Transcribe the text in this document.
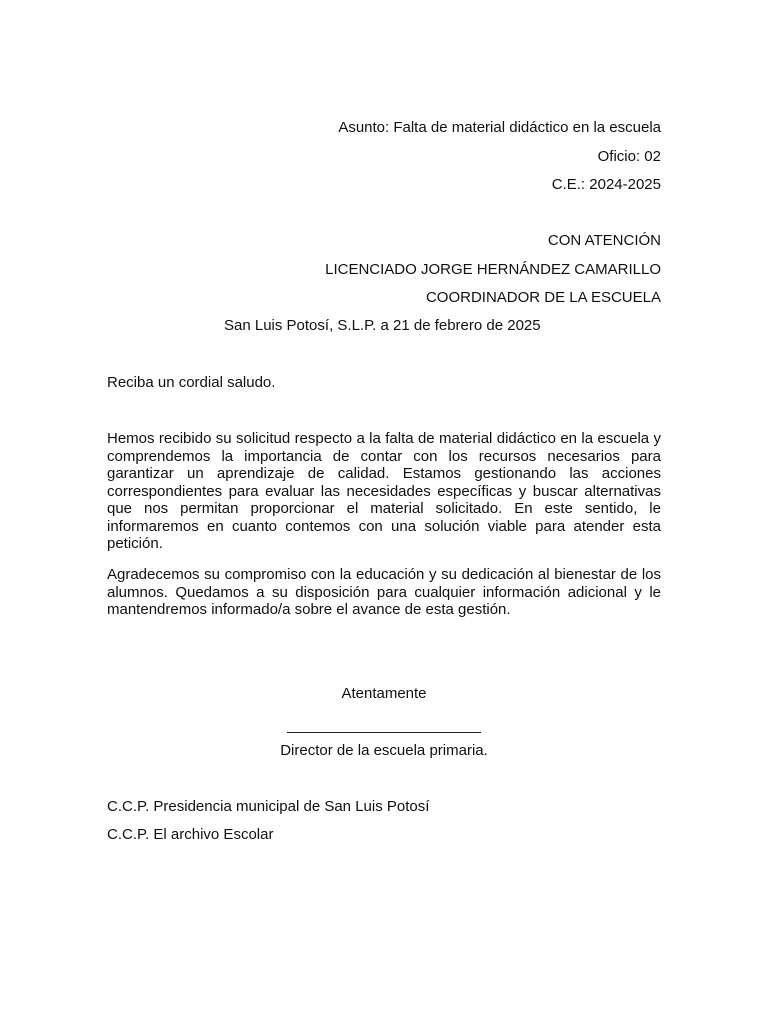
Asunto: Falta de material didáctico en la escuela
Oficio: 02
C.E.: 2024-2025
CON ATENCIÓN
LICENCIADO JORGE HERNÁNDEZ CAMARILLO
COORDINADOR DE LA ESCUELA
San Luis Potosí, S.L.P. a 21 de febrero de 2025
Reciba un cordial saludo.

Hemos recibido su solicitud respecto a la falta de material didáctico en la escuela y comprendemos la importancia de contar con los recursos necesarios para garantizar un aprendizaje de calidad. Estamos gestionando las acciones correspondientes para evaluar las necesidades específicas y buscar alternativas que nos permitan proporcionar el material solicitado. En este sentido, le informaremos en cuanto contemos con una solución viable para atender esta petición.

Agradecemos su compromiso con la educación y su dedicación al bienestar de los alumnos. Quedamos a su disposición para cualquier información adicional y le mantendremos informado/a sobre el avance de esta gestión.

Atentamente
Director de la escuela primaria.
C.C.P. Presidencia municipal de San Luis Potosí
C.C.P. El archivo Escolar
